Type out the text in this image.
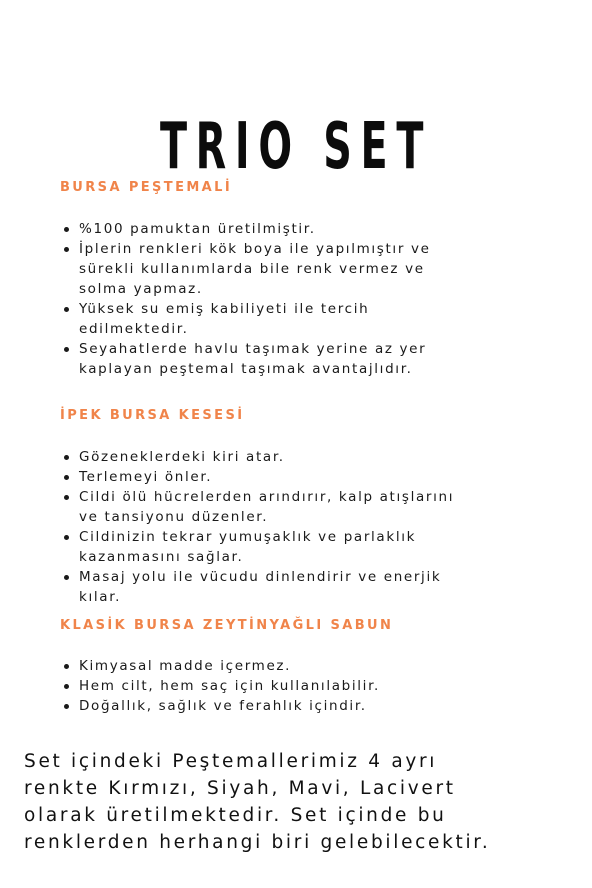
TRIO SET
BURSA PEŞTEMALİ
%100 pamuktan üretilmiştir.
İplerin renkleri kök boya ile yapılmıştır ve
sürekli kullanımlarda bile renk vermez ve
solma yapmaz.
Yüksek su emiş kabiliyeti ile tercih
edilmektedir.
Seyahatlerde havlu taşımak yerine az yer
kaplayan peştemal taşımak avantajlıdır.
İPEK BURSA KESESİ
Gözeneklerdeki kiri atar.
Terlemeyi önler.
Cildi ölü hücrelerden arındırır, kalp atışlarını
ve tansiyonu düzenler.
Cildinizin tekrar yumuşaklık ve parlaklık
kazanmasını sağlar.
Masaj yolu ile vücudu dinlendirir ve enerjik
kılar.
KLASİK BURSA ZEYTİNYAĞLI SABUN
Kimyasal madde içermez.
Hem cilt, hem saç için kullanılabilir.
Doğallık, sağlık ve ferahlık içindir.

Set içindeki Peştemallerimiz 4 ayrı
renkte Kırmızı, Siyah, Mavi, Lacivert
olarak üretilmektedir. Set içinde bu
renklerden herhangi biri gelebilecektir.
